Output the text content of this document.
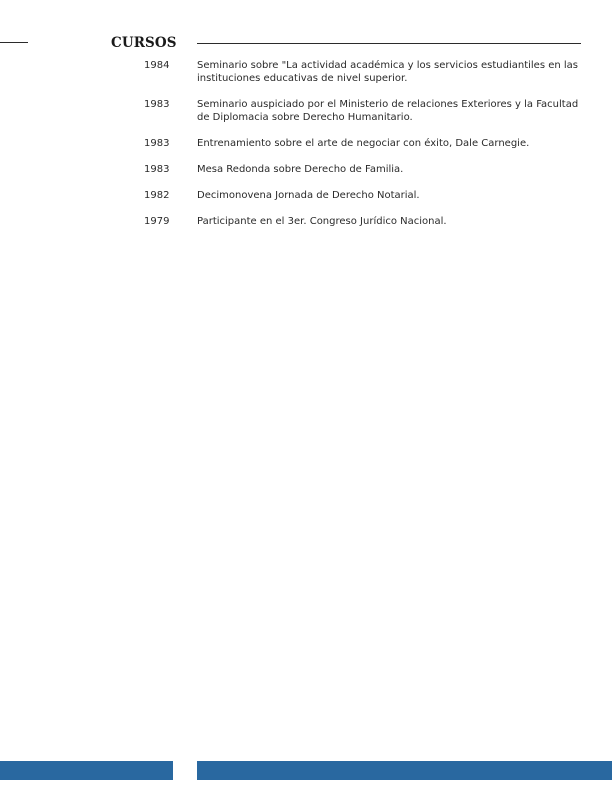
CURSOS
1984	Seminario sobre "La actividad académica y los servicios estudiantiles en las instituciones educativas de nivel superior.
1983	Seminario auspiciado por el Ministerio de relaciones Exteriores y la Facultad de Diplomacia sobre Derecho Humanitario.
1983	Entrenamiento sobre el arte de negociar con éxito, Dale Carnegie.
1983	Mesa Redonda sobre Derecho de Familia.
1982	Decimonovena Jornada de Derecho Notarial.
1979	Participante en el 3er. Congreso Jurídico Nacional.
